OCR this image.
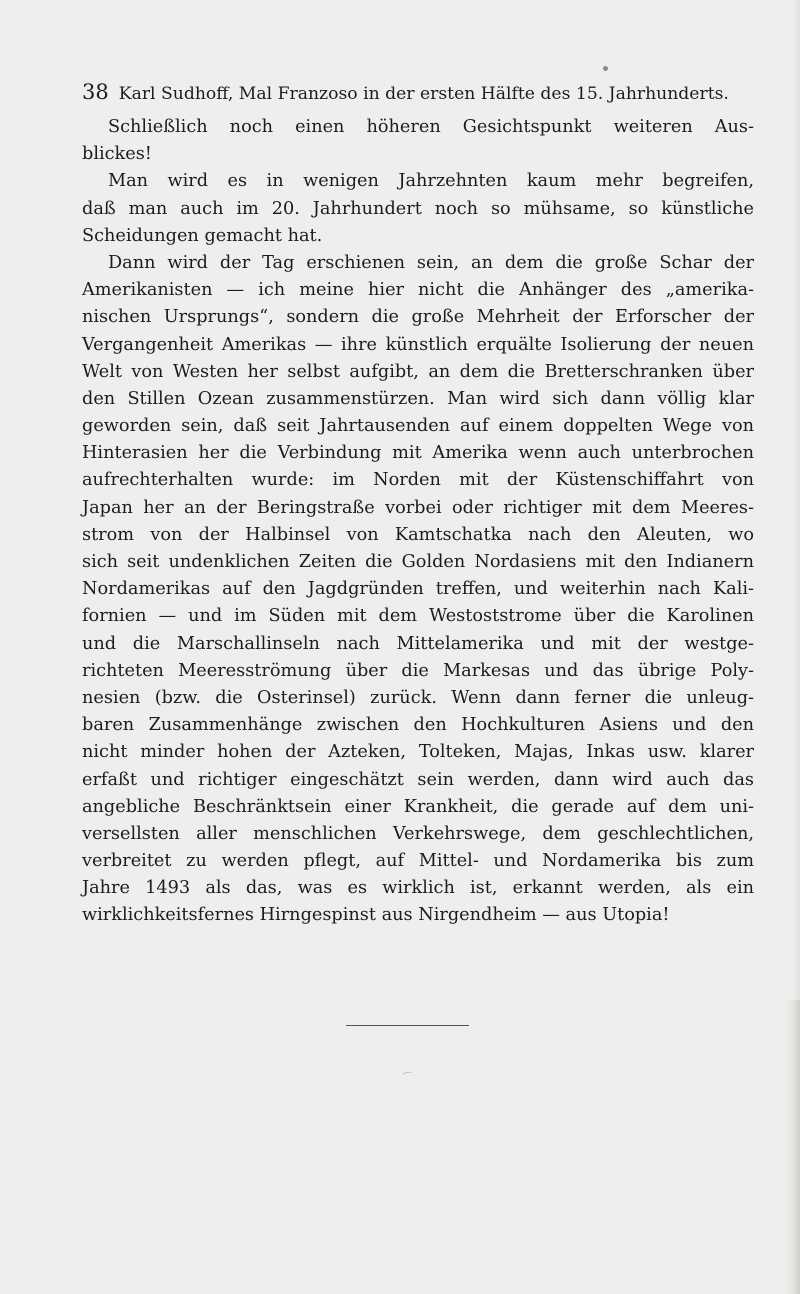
38 Karl Sudhoff, Mal Franzoso in der ersten Hälfte des 15. Jahrhunderts.
Schließlich noch einen höheren Gesichtspunkt weiteren Aus-
blickes!
Man wird es in wenigen Jahrzehnten kaum mehr begreifen,
daß man auch im 20. Jahrhundert noch so mühsame, so künstliche
Scheidungen gemacht hat.
Dann wird der Tag erschienen sein, an dem die große Schar der
Amerikanisten — ich meine hier nicht die Anhänger des „amerika-
nischen Ursprungs“, sondern die große Mehrheit der Erforscher der
Vergangenheit Amerikas — ihre künstlich erquälte Isolierung der neuen
Welt von Westen her selbst aufgibt, an dem die Bretterschranken über
den Stillen Ozean zusammenstürzen. Man wird sich dann völlig klar
geworden sein, daß seit Jahrtausenden auf einem doppelten Wege von
Hinterasien her die Verbindung mit Amerika wenn auch unterbrochen
aufrechterhalten wurde: im Norden mit der Küstenschiffahrt von
Japan her an der Beringstraße vorbei oder richtiger mit dem Meeres-
strom von der Halbinsel von Kamtschatka nach den Aleuten, wo
sich seit undenklichen Zeiten die Golden Nordasiens mit den Indianern
Nordamerikas auf den Jagdgründen treffen, und weiterhin nach Kali-
fornien — und im Süden mit dem Westoststrome über die Karolinen
und die Marschallinseln nach Mittelamerika und mit der westge-
richteten Meeresströmung über die Markesas und das übrige Poly-
nesien (bzw. die Osterinsel) zurück. Wenn dann ferner die unleug-
baren Zusammenhänge zwischen den Hochkulturen Asiens und den
nicht minder hohen der Azteken, Tolteken, Majas, Inkas usw. klarer
erfaßt und richtiger eingeschätzt sein werden, dann wird auch das
angebliche Beschränktsein einer Krankheit, die gerade auf dem uni-
versellsten aller menschlichen Verkehrswege, dem geschlechtlichen,
verbreitet zu werden pflegt, auf Mittel- und Nordamerika bis zum
Jahre 1493 als das, was es wirklich ist, erkannt werden, als ein
wirklichkeitsfernes Hirngespinst aus Nirgendheim — aus Utopia!
